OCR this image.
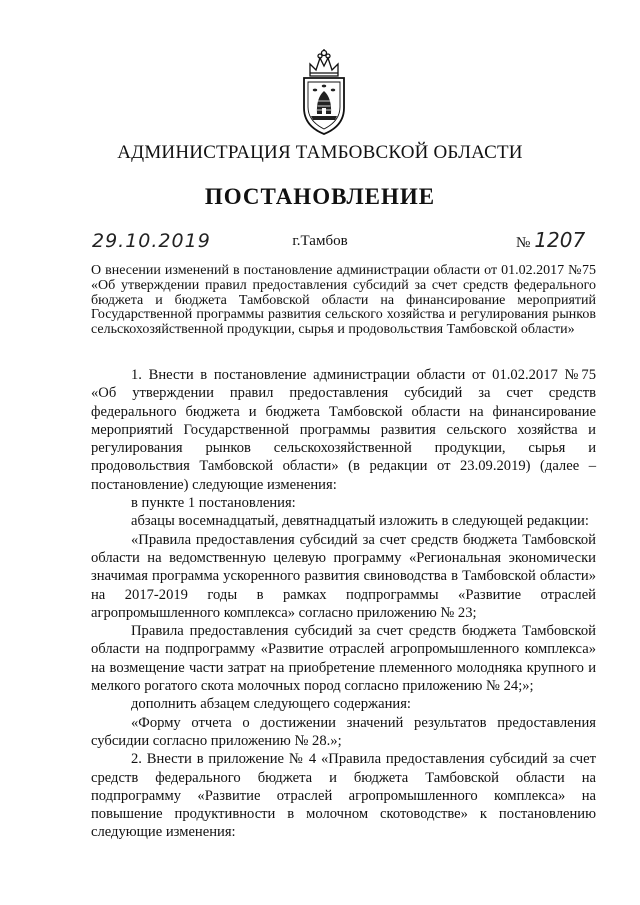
АДМИНИСТРАЦИЯ ТАМБОВСКОЙ ОБЛАСТИ
ПОСТАНОВЛЕНИЕ
29.10.2019	г.Тамбов	№ 1207
О внесении изменений в постановление администрации области от 01.02.2017 №75 «Об утверждении правил предоставления субсидий за счет средств федерального бюджета и бюджета Тамбовской области на финансирование мероприятий Государственной программы развития сельского хозяйства и регулирования рынков сельскохозяйственной продукции, сырья и продовольствия Тамбовской области»

1. Внести в постановление администрации области от 01.02.2017 №75 «Об утверждении правил предоставления субсидий за счет средств федерального бюджета и бюджета Тамбовской области на финансирование мероприятий Государственной программы развития сельского хозяйства и регулирования рынков сельскохозяйственной продукции, сырья и продовольствия Тамбовской области» (в редакции от 23.09.2019) (далее – постановление) следующие изменения:

в пункте 1 постановления:

абзацы восемнадцатый, девятнадцатый изложить в следующей редакции:

«Правила предоставления субсидий за счет средств бюджета Тамбовской области на ведомственную целевую программу «Региональная экономически значимая программа ускоренного развития свиноводства в Тамбовской области» на 2017-2019 годы в рамках подпрограммы «Развитие отраслей агропромышленного комплекса» согласно приложению № 23;

Правила предоставления субсидий за счет средств бюджета Тамбовской области на подпрограмму «Развитие отраслей агропромышленного комплекса» на возмещение части затрат на приобретение племенного молодняка крупного и мелкого рогатого скота молочных пород согласно приложению № 24;»;

дополнить абзацем следующего содержания:

«Форму отчета о достижении значений результатов предоставления субсидии согласно приложению № 28.»;

2. Внести в приложение № 4 «Правила предоставления субсидий за счет средств федерального бюджета и бюджета Тамбовской области на подпрограмму «Развитие отраслей агропромышленного комплекса» на повышение продуктивности в молочном скотоводстве» к постановлению следующие изменения:
